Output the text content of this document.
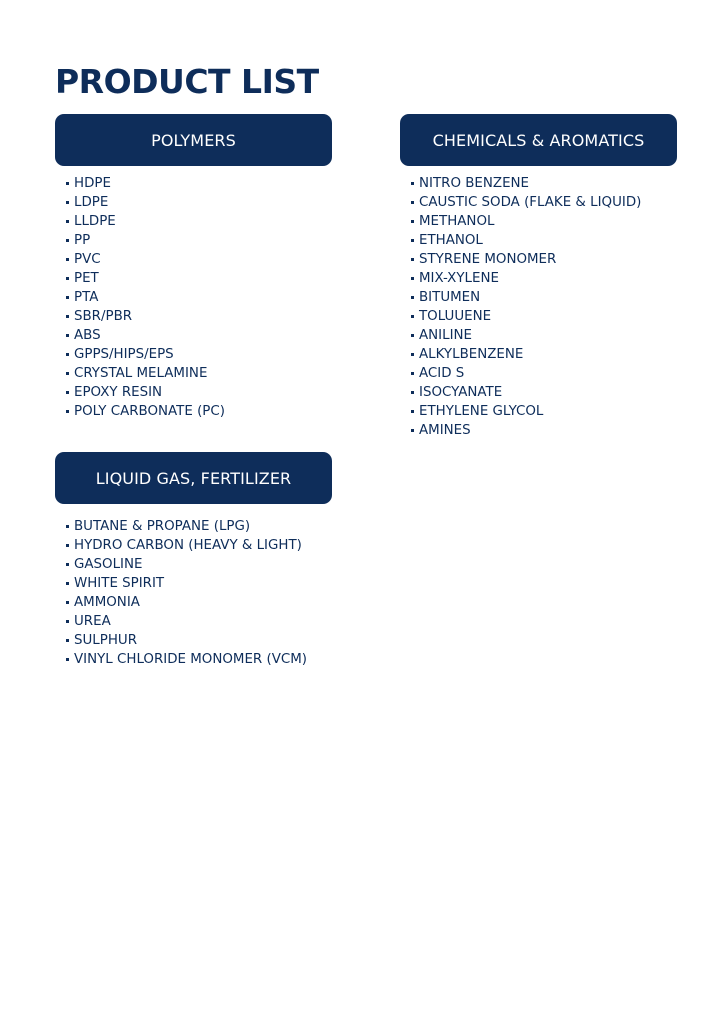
PRODUCT LIST
POLYMERS
HDPE
LDPE
LLDPE
PP
PVC
PET
PTA
SBR/PBR
ABS
GPPS/HIPS/EPS
CRYSTAL MELAMINE
EPOXY RESIN
POLY CARBONATE (PC)
CHEMICALS & AROMATICS
NITRO BENZENE
CAUSTIC SODA (FLAKE & LIQUID)
METHANOL
ETHANOL
STYRENE MONOMER
MIX-XYLENE
BITUMEN
TOLUUENE
ANILINE
ALKYLBENZENE
ACID S
ISOCYANATE
ETHYLENE GLYCOL
AMINES
LIQUID GAS, FERTILIZER
BUTANE & PROPANE (LPG)
HYDRO CARBON (HEAVY & LIGHT)
GASOLINE
WHITE SPIRIT
AMMONIA
UREA
SULPHUR
VINYL CHLORIDE MONOMER (VCM)
